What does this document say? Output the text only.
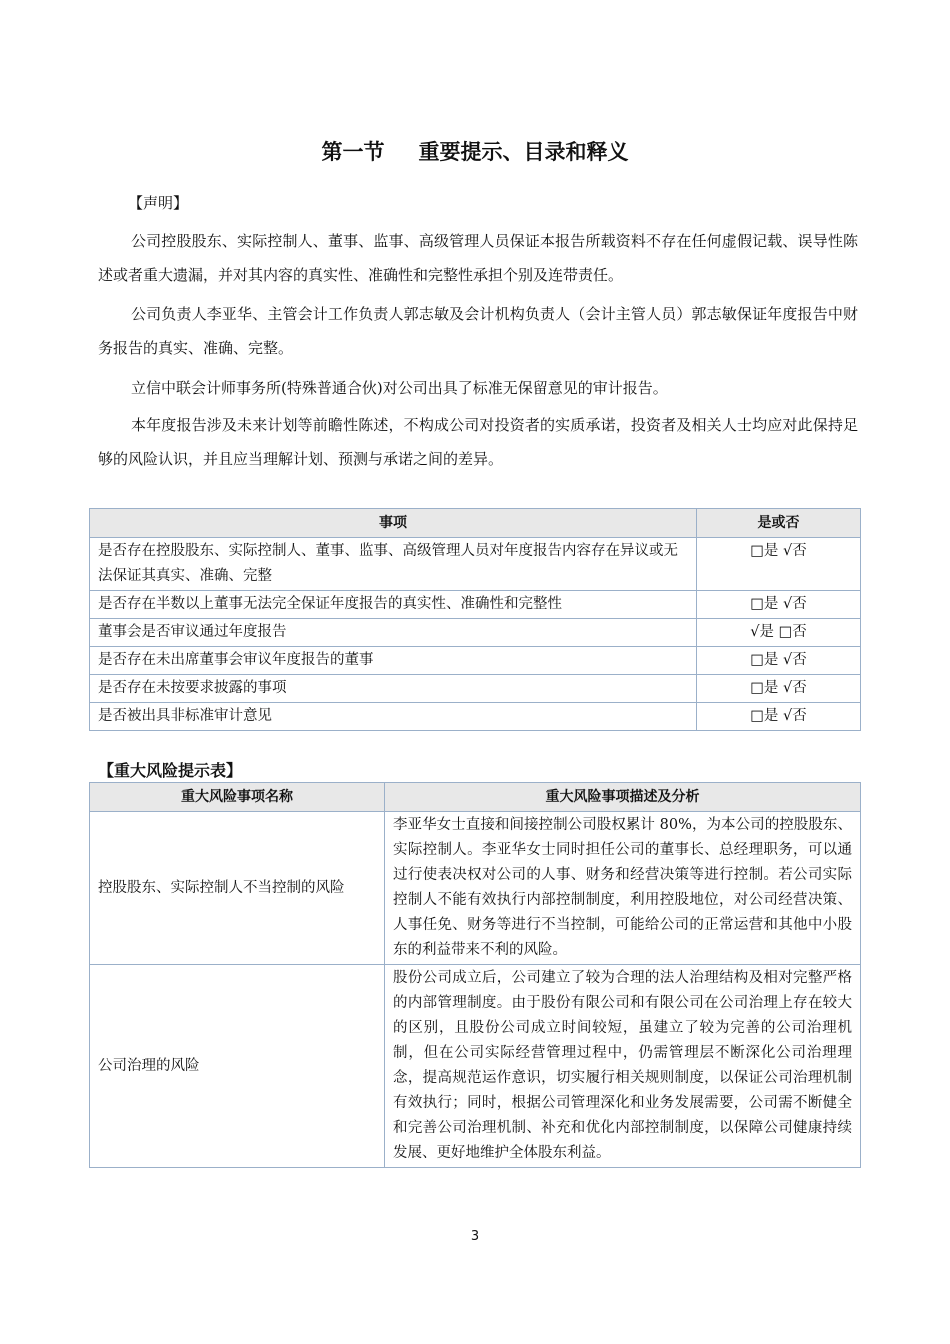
第一节 重要提示、目录和释义
【声明】

公司控股股东、实际控制人、董事、监事、高级管理人员保证本报告所载资料不存在任何虚假记载、误导性陈述或者重大遗漏，并对其内容的真实性、准确性和完整性承担个别及连带责任。

公司负责人李亚华、主管会计工作负责人郭志敏及会计机构负责人（会计主管人员）郭志敏保证年度报告中财务报告的真实、准确、完整。

立信中联会计师事务所(特殊普通合伙)对公司出具了标准无保留意见的审计报告。

本年度报告涉及未来计划等前瞻性陈述，不构成公司对投资者的实质承诺，投资者及相关人士均应对此保持足够的风险认识，并且应当理解计划、预测与承诺之间的差异。

事项	是或否
是否存在控股股东、实际控制人、董事、监事、高级管理人员对年度报告内容存在异议或无法保证其真实、准确、完整	□是 √否
是否存在半数以上董事无法完全保证年度报告的真实性、准确性和完整性	□是 √否
董事会是否审议通过年度报告	√是 □否
是否存在未出席董事会审议年度报告的董事	□是 √否
是否存在未按要求披露的事项	□是 √否
是否被出具非标准审计意见	□是 √否
【重大风险提示表】
重大风险事项名称	重大风险事项描述及分析
控股股东、实际控制人不当控制的风险	李亚华女士直接和间接控制公司股权累计 80%，为本公司的控股股东、实际控制人。李亚华女士同时担任公司的董事长、总经理职务，可以通过行使表决权对公司的人事、财务和经营决策等进行控制。若公司实际控制人不能有效执行内部控制制度，利用控股地位，对公司经营决策、人事任免、财务等进行不当控制，可能给公司的正常运营和其他中小股东的利益带来不利的风险。
公司治理的风险	股份公司成立后，公司建立了较为合理的法人治理结构及相对完整严格的内部管理制度。由于股份有限公司和有限公司在公司治理上存在较大的区别，且股份公司成立时间较短，虽建立了较为完善的公司治理机制，但在公司实际经营管理过程中，仍需管理层不断深化公司治理理念，提高规范运作意识，切实履行相关规则制度，以保证公司治理机制有效执行；同时，根据公司管理深化和业务发展需要，公司需不断健全和完善公司治理机制、补充和优化内部控制制度，以保障公司健康持续发展、更好地维护全体股东利益。
3
